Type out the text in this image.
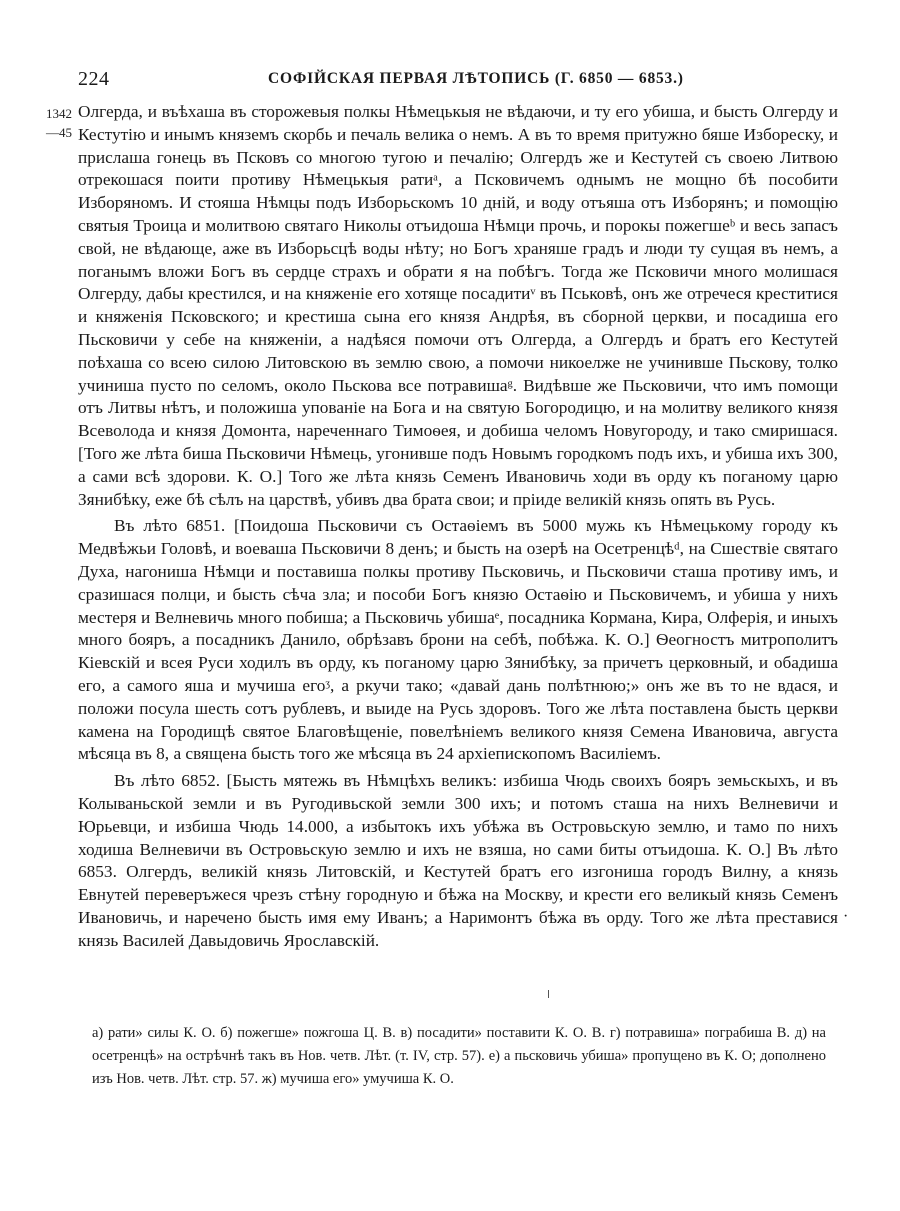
224	СОФІЙСКАЯ ПЕРВАЯ ЛѢТОПИСЬ (Г. 6850 — 6853.)
1342
—45

Олгерда, и въѣхаша въ сторожевыя полкы Нѣмецькыя не вѣдаючи, и ту его убиша, и бысть Олгерду и Кестутію и инымъ княземъ скорбь и печаль велика о немъ. А въ то время притужно бяше Избореску, и прислаша гонець въ Псковъ со многою тугою и печалію; Олгердъ же и Кестутей съ своею Литвою отрекошася поити противу Нѣмецькыя ратиᵃ, а Псковичемъ однымъ не мощно бѣ пособити Изборяномъ. И стояша Нѣмцы подъ Изборьскомъ 10 днiй, и воду отъяша отъ Изборянъ; и помощію святыя Троица и молитвою святаго Николы отъидоша Нѣмци прочь, и порокы пожегшеᵇ и весь запасъ свой, не вѣдающе, аже въ Изборьсцѣ воды нѣту; но Богъ храняше градъ и люди ту сущая въ немъ, а поганымъ вложи Богъ въ сердце страхъ и обрати я на побѣгъ. Тогда же Псковичи много молишася Олгерду, дабы крестился, и на княженіе его хотяще посадитиᵛ въ Пськовѣ, онъ же отречеся креститися и княженія Псковского; и крестиша сына его князя Андрѣя, въ сборной церкви, и посадиша его Пьсковичи у себе на княженіи, а надѣяся помочи отъ Олгерда, а Олгердъ и братъ его Кестутей поѣхаша со всею силою Литовскою въ землю свою, а помочи никоелже не учинивше Пьскову, толко учиниша пусто по селомъ, около Пьскова все потравишаᵍ. Видѣвше же Пьсковичи, что имъ помощи отъ Литвы нѣтъ, и положиша упованіе на Бога и на святую Богородицю, и на молитву великого князя Всеволода и князя Домонта, нареченнаго Тимоѳея, и добиша челомъ Новугороду, и тако смиришася. [Того же лѣта биша Пьсковичи Нѣмець, угонивше подъ Новымъ городкомъ подъ ихъ, и убиша ихъ 300, а сами всѣ здорови. К. О.] Того же лѣта князь Семенъ Ивановичь ходи въ орду къ поганому царю Зянибѣку, еже бѣ сѣлъ на царствѣ, убивъ два брата свои; и пріиде великій князь опять въ Русь.

Въ лѣто 6851. [Поидоша Пьсковичи съ Остаѳіемъ въ 5000 мужь къ Нѣмецькому городу къ Медвѣжьи Головѣ, и воеваша Пьсковичи 8 денъ; и бысть на озерѣ на Осетренцѣᵈ, на Сшествіе святаго Духа, нагониша Нѣмци и поставиша полкы противу Пьсковичь, и Пьсковичи сташа противу имъ, и сразишася полци, и бысть сѣча зла; и пособи Богъ князю Остаѳію и Пьсковичемъ, и убиша у нихъ местеря и Велневичь много побиша; а Пьсковичь убишаᵉ, посадника Кормана, Кира, Олферія, и иныхъ много бояръ, а посадникъ Данило, обрѣзавъ брони на себѣ, побѣжа. К. О.] Ѳеогностъ митрополитъ Кіевскій и всея Руси ходилъ въ орду, къ поганому царю Зянибѣку, за причетъ церковный, и обадиша его, а самого яша и мучиша егоᶾ, а ркучи тако; «давай дань полѣтнюю;» онъ же въ то не вдася, и положи посула шесть сотъ рублевъ, и выиде на Русь здоровъ. Того же лѣта поставлена бысть церкви камена на Городищѣ святое Благовѣщеніе, повелѣніемъ великого князя Семена Ивановича, августа мѣсяца въ 8, а священа бысть того же мѣсяца въ 24 архіепископомъ Василіемъ.

Въ лѣто 6852. [Бысть мятежь въ Нѣмцѣхъ великъ: избиша Чюдь своихъ бояръ земьскыхъ, и въ Колываньской земли и въ Ругодивьской земли 300 ихъ; и потомъ сташа на нихъ Велневичи и Юрьевци, и избиша Чюдь 14.000, а избытокъ ихъ убѣжа въ Островьскую землю, и тамо по нихъ ходиша Велневичи въ Островьскую землю и ихъ не взяша, но сами биты отъидоша. К. О.] Въ лѣто 6853. Олгердъ, великій князь Литовскій, и Кестутей братъ его изгониша городъ Вилну, а князь Евнутей переверъжеся чрезъ стѣну городную и бѣжа на Москву, и крести его великый князь Семенъ Ивановичь, и наречено бысть имя ему Иванъ; а Наримонтъ бѣжа въ орду. Того же лѣта преставися князь Василей Давыдовичь Ярославскій.

·
а) рати» силы К. О. б) пожегше» пожгоша Ц. В. в) посадити» поставити К. О. В. г) потравиша» пограбиша В. д) на осетренцѣ» на острѣчнѣ такъ въ Нов. четв. Лѣт. (т. IV, стр. 57). е) а пьсковичь убиша» пропущено въ К. О; дополнено изъ Нов. четв. Лѣт. стр. 57. ж) мучиша его» умучиша К. О.
